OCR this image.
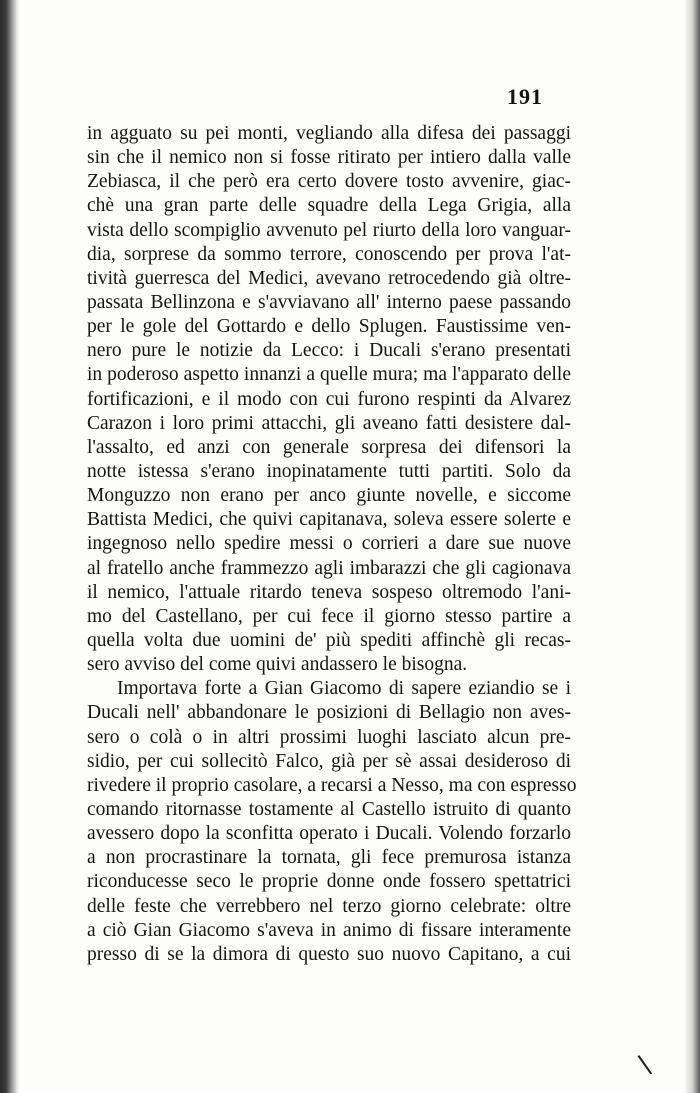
191
in agguato su pei monti, vegliando alla difesa dei passaggi
sin che il nemico non si fosse ritirato per intiero dalla valle
Zebiasca, il che però era certo dovere tosto avvenire, giac-
chè una gran parte delle squadre della Lega Grigia, alla
vista dello scompiglio avvenuto pel riurto della loro vanguar-
dia, sorprese da sommo terrore, conoscendo per prova l'at-
tività guerresca del Medici, avevano retrocedendo già oltre-
passata Bellinzona e s'avviavano all' interno paese passando
per le gole del Gottardo e dello Splugen. Faustissime ven-
nero pure le notizie da Lecco: i Ducali s'erano presentati
in poderoso aspetto innanzi a quelle mura; ma l'apparato delle
fortificazioni, e il modo con cui furono respinti da Alvarez
Carazon i loro primi attacchi, gli aveano fatti desistere dal-
l'assalto, ed anzi con generale sorpresa dei difensori la
notte istessa s'erano inopinatamente tutti partiti. Solo da
Monguzzo non erano per anco giunte novelle, e siccome
Battista Medici, che quivi capitanava, soleva essere solerte e
ingegnoso nello spedire messi o corrieri a dare sue nuove
al fratello anche frammezzo agli imbarazzi che gli cagionava
il nemico, l'attuale ritardo teneva sospeso oltremodo l'ani-
mo del Castellano, per cui fece il giorno stesso partire a
quella volta due uomini de' più spediti affinchè gli recas-
sero avviso del come quivi andassero le bisogna.
Importava forte a Gian Giacomo di sapere eziandio se i
Ducali nell' abbandonare le posizioni di Bellagio non aves-
sero o colà o in altri prossimi luoghi lasciato alcun pre-
sidio, per cui sollecitò Falco, già per sè assai desideroso di
rivedere il proprio casolare, a recarsi a Nesso, ma con espresso
comando ritornasse tostamente al Castello istruito di quanto
avessero dopo la sconfitta operato i Ducali. Volendo forzarlo
a non procrastinare la tornata, gli fece premurosa istanza
riconducesse seco le proprie donne onde fossero spettatrici
delle feste che verrebbero nel terzo giorno celebrate: oltre
a ciò Gian Giacomo s'aveva in animo di fissare interamente
presso di se la dimora di questo suo nuovo Capitano, a cui
\
